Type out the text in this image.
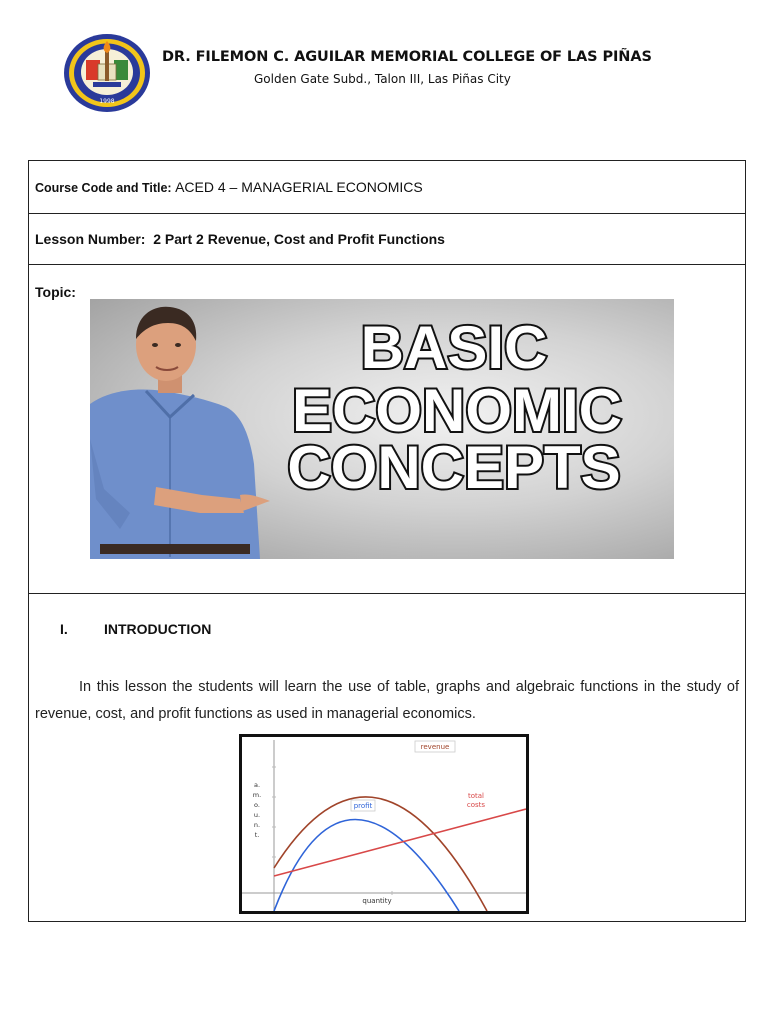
1998
DR. FILEMON C. AGUILAR MEMORIAL COLLEGE OF LAS PIÑAS
Golden Gate Subd., Talon III, Las Piñas City
Course Code and Title: ACED 4 – MANAGERIAL ECONOMICS
Lesson Number: 2 Part 2 Revenue, Cost and Profit Functions
Topic:
BASIC
ECONOMIC
CONCEPTS
I.	INTRODUCTION
In this lesson the students will learn the use of table, graphs and algebraic functions in the study of revenue, cost, and profit functions as used in managerial economics.
a.
m.
o.
u.
n.
t.
quantity
revenue
profit
total
costs
